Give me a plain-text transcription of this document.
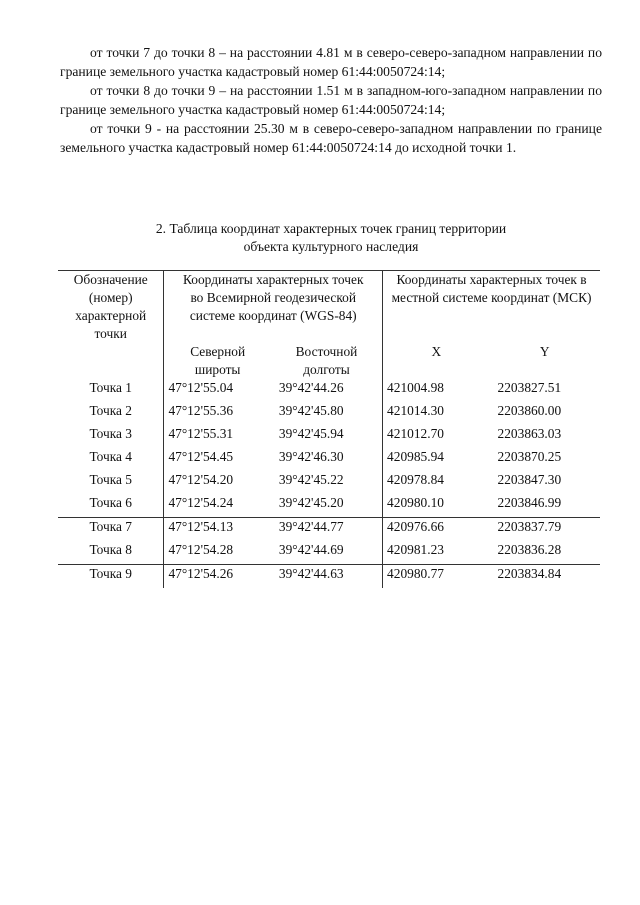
от точки 7 до точки 8 – на расстоянии 4.81 м в северо-северо-западном направлении по границе земельного участка кадастровый номер 61:44:0050724:14;

от точки 8 до точки 9 – на расстоянии 1.51 м в западном-юго-западном направлении по границе земельного участка кадастровый номер 61:44:0050724:14;

от точки 9 - на расстоянии 25.30 м в северо-северо-западном направлении по границе земельного участка кадастровый номер 61:44:0050724:14 до исходной точки 1.

2. Таблица координат характерных точек границ территории
объекта культурного наследия
Обозначение (номер) характерной точки	Координаты характерных точек во Всемирной геодезической системе координат (WGS-84)		Координаты характерных точек в местной системе координат (МСК)	
	Северной широты	Восточной долготы	X	Y
Точка 1	47°12'55.04	39°42'44.26	421004.98	2203827.51
Точка 2	47°12'55.36	39°42'45.80	421014.30	2203860.00
Точка 3	47°12'55.31	39°42'45.94	421012.70	2203863.03
Точка 4	47°12'54.45	39°42'46.30	420985.94	2203870.25
Точка 5	47°12'54.20	39°42'45.22	420978.84	2203847.30
Точка 6	47°12'54.24	39°42'45.20	420980.10	2203846.99
Точка 7	47°12'54.13	39°42'44.77	420976.66	2203837.79
Точка 8	47°12'54.28	39°42'44.69	420981.23	2203836.28
Точка 9	47°12'54.26	39°42'44.63	420980.77	2203834.84
